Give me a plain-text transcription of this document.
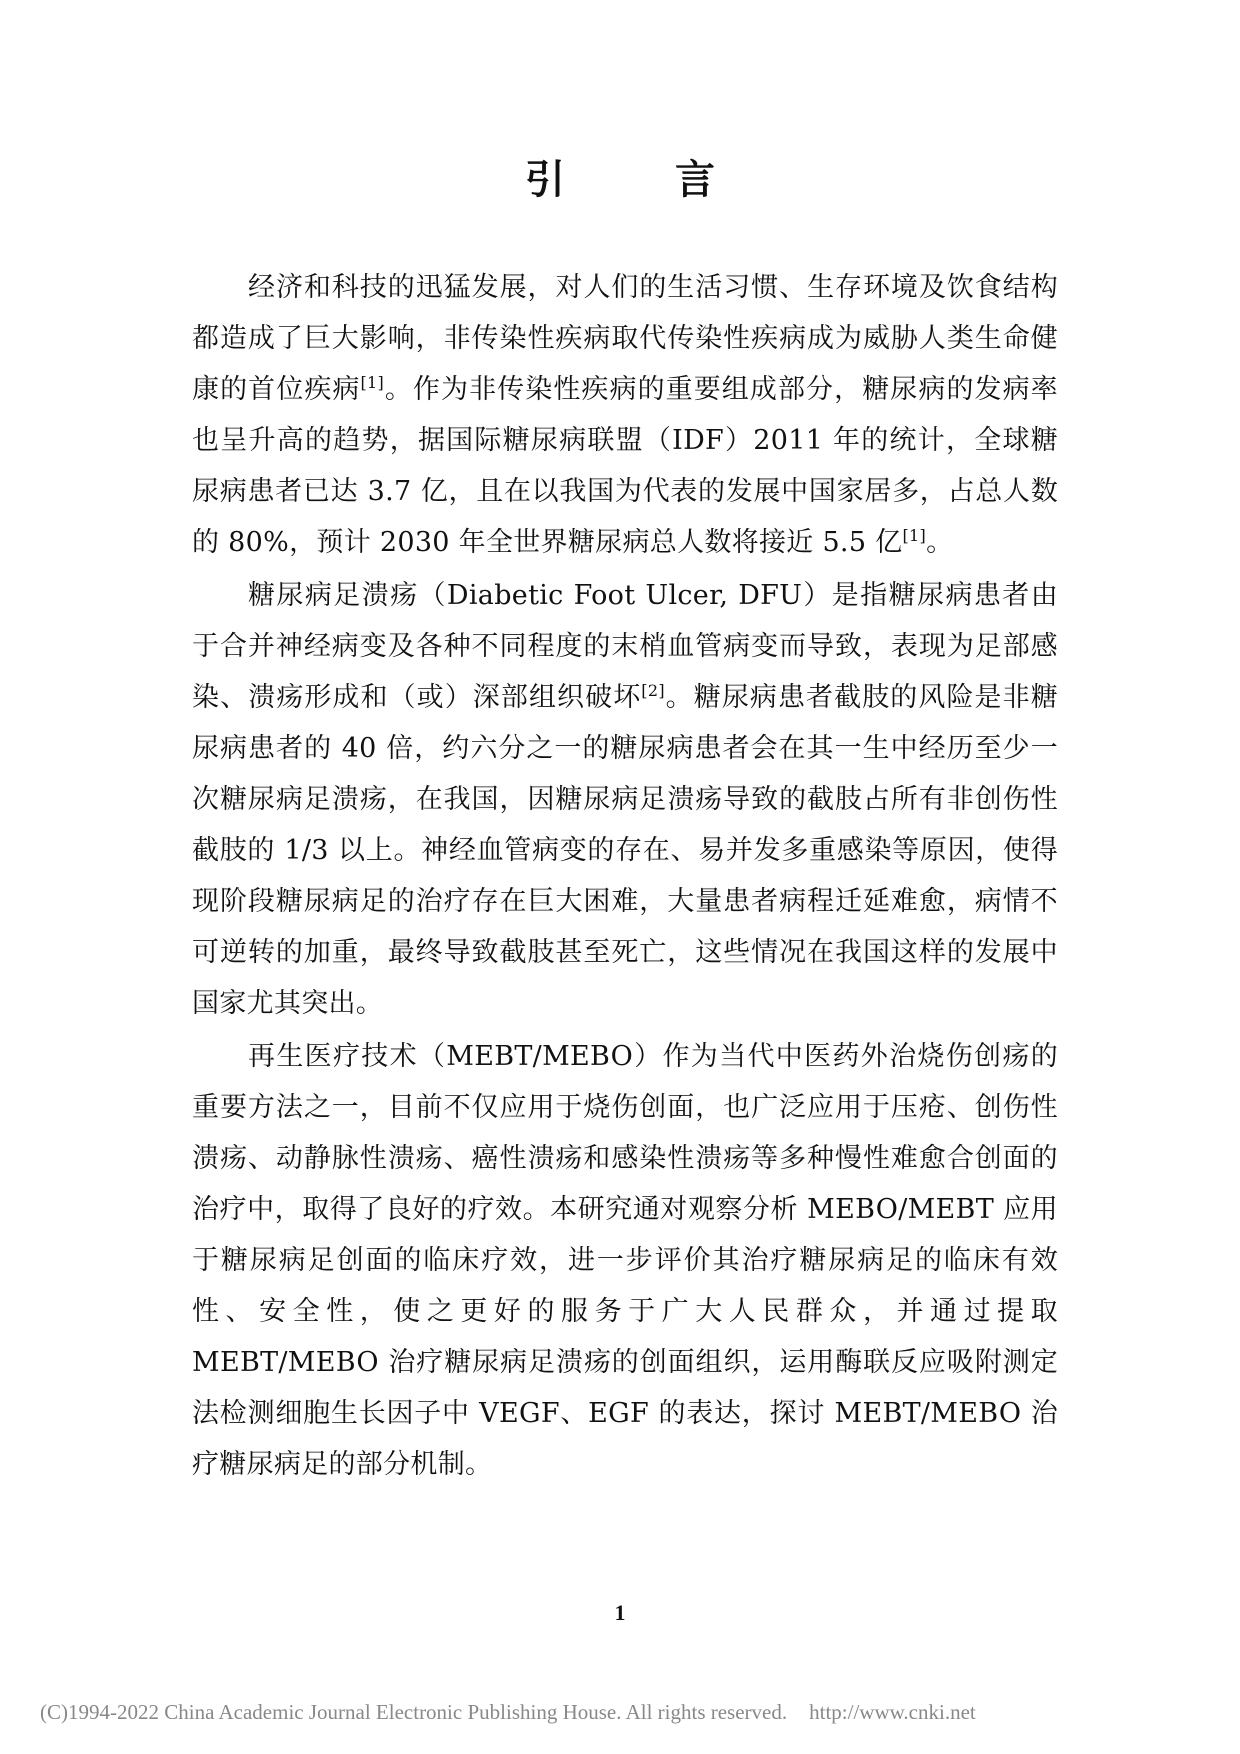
引 言

经济和科技的迅猛发展，对人们的生活习惯、生存环境及饮食结构都造成了巨大影响，非传染性疾病取代传染性疾病成为威胁人类生命健康的首位疾病[1]。作为非传染性疾病的重要组成部分，糖尿病的发病率也呈升高的趋势，据国际糖尿病联盟（IDF）2011 年的统计，全球糖尿病患者已达 3.7 亿，且在以我国为代表的发展中国家居多，占总人数的 80%，预计 2030 年全世界糖尿病总人数将接近 5.5 亿[1]。

糖尿病足溃疡（Diabetic Foot Ulcer, DFU）是指糖尿病患者由于合并神经病变及各种不同程度的末梢血管病变而导致，表现为足部感染、溃疡形成和（或）深部组织破坏[2]。糖尿病患者截肢的风险是非糖尿病患者的 40 倍，约六分之一的糖尿病患者会在其一生中经历至少一次糖尿病足溃疡，在我国，因糖尿病足溃疡导致的截肢占所有非创伤性截肢的 1/3 以上。神经血管病变的存在、易并发多重感染等原因，使得现阶段糖尿病足的治疗存在巨大困难，大量患者病程迁延难愈，病情不可逆转的加重，最终导致截肢甚至死亡，这些情况在我国这样的发展中国家尤其突出。

再生医疗技术（MEBT/MEBO）作为当代中医药外治烧伤创疡的重要方法之一，目前不仅应用于烧伤创面，也广泛应用于压疮、创伤性溃疡、动静脉性溃疡、癌性溃疡和感染性溃疡等多种慢性难愈合创面的治疗中，取得了良好的疗效。本研究通对观察分析 MEBO/MEBT 应用于糖尿病足创面的临床疗效，进一步评价其治疗糖尿病足的临床有效性、安全性，使之更好的服务于广大人民群众，并通过提取 MEBT/MEBO 治疗糖尿病足溃疡的创面组织，运用酶联反应吸附测定法检测细胞生长因子中 VEGF、EGF 的表达，探讨 MEBT/MEBO 治疗糖尿病足的部分机制。

1
(C)1994-2022 China Academic Journal Electronic Publishing House. All rights reserved. http://www.cnki.net
